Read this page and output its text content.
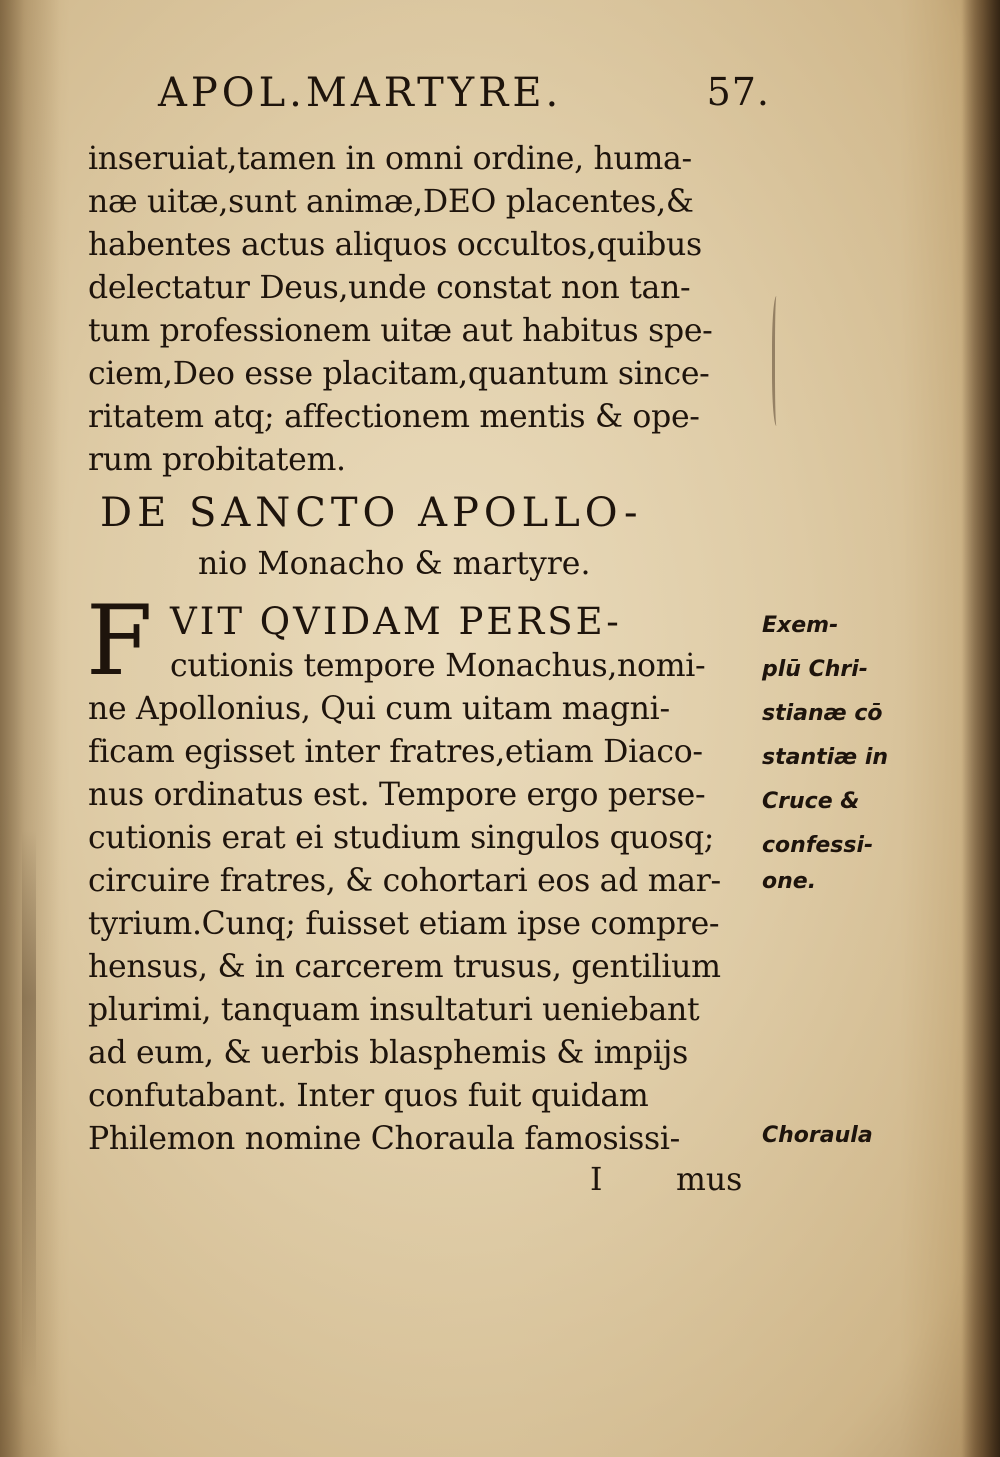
APOL.MARTYRE.	57.
inseruiat,tamen in omni ordine, huma-
næ uitæ,sunt animæ,DEO placentes,&
habentes actus aliquos occultos,quibus
delectatur Deus,unde constat non tan-
tum professionem uitæ aut habitus spe-
ciem,Deo esse placitam,quantum since-
ritatem atq; affectionem mentis & ope-
rum probitatem.
DE SANCTO APOLLO-
nio Monacho & martyre.
F VIT QVIDAM PERSE-
cutionis tempore Monachus,nomi-
ne Apollonius, Qui cum uitam magni-
ficam egisset inter fratres,etiam Diaco-
nus ordinatus est. Tempore ergo perse-
cutionis erat ei studium singulos quosq;
circuire fratres, & cohortari eos ad mar-
tyrium.Cunq; fuisset etiam ipse compre-
hensus, & in carcerem trusus, gentilium
plurimi, tanquam insultaturi ueniebant
ad eum, & uerbis blasphemis & impijs
confutabant. Inter quos fuit quidam
Philemon nomine Choraula famosissi-
Exem-
plū Chri-
stianæ cō
stantiæ in
Cruce &
confessi-
one.
Choraula
I mus
